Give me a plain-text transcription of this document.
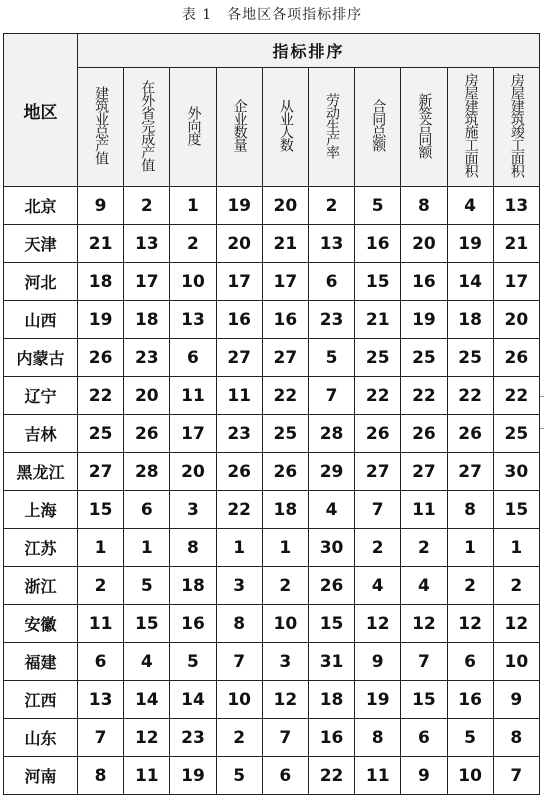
表 1　各地区各项指标排序
地区	指标排序									
	建筑业总产值	在外省完成产值	外向度	企业数量	从业人数	劳动生产率	合同总额	新签合同额	房屋建筑施工面积	房屋建筑竣工面积
北京	9	2	1	19	20	2	5	8	4	13
天津	21	13	2	20	21	13	16	20	19	21
河北	18	17	10	17	17	6	15	16	14	17
山西	19	18	13	16	16	23	21	19	18	20
内蒙古	26	23	6	27	27	5	25	25	25	26
辽宁	22	20	11	11	22	7	22	22	22	22
吉林	25	26	17	23	25	28	26	26	26	25
黑龙江	27	28	20	26	26	29	27	27	27	30
上海	15	6	3	22	18	4	7	11	8	15
江苏	1	1	8	1	1	30	2	2	1	1
浙江	2	5	18	3	2	26	4	4	2	2
安徽	11	15	16	8	10	15	12	12	12	12
福建	6	4	5	7	3	31	9	7	6	10
江西	13	14	14	10	12	18	19	15	16	9
山东	7	12	23	2	7	16	8	6	5	8
河南	8	11	19	5	6	22	11	9	10	7
